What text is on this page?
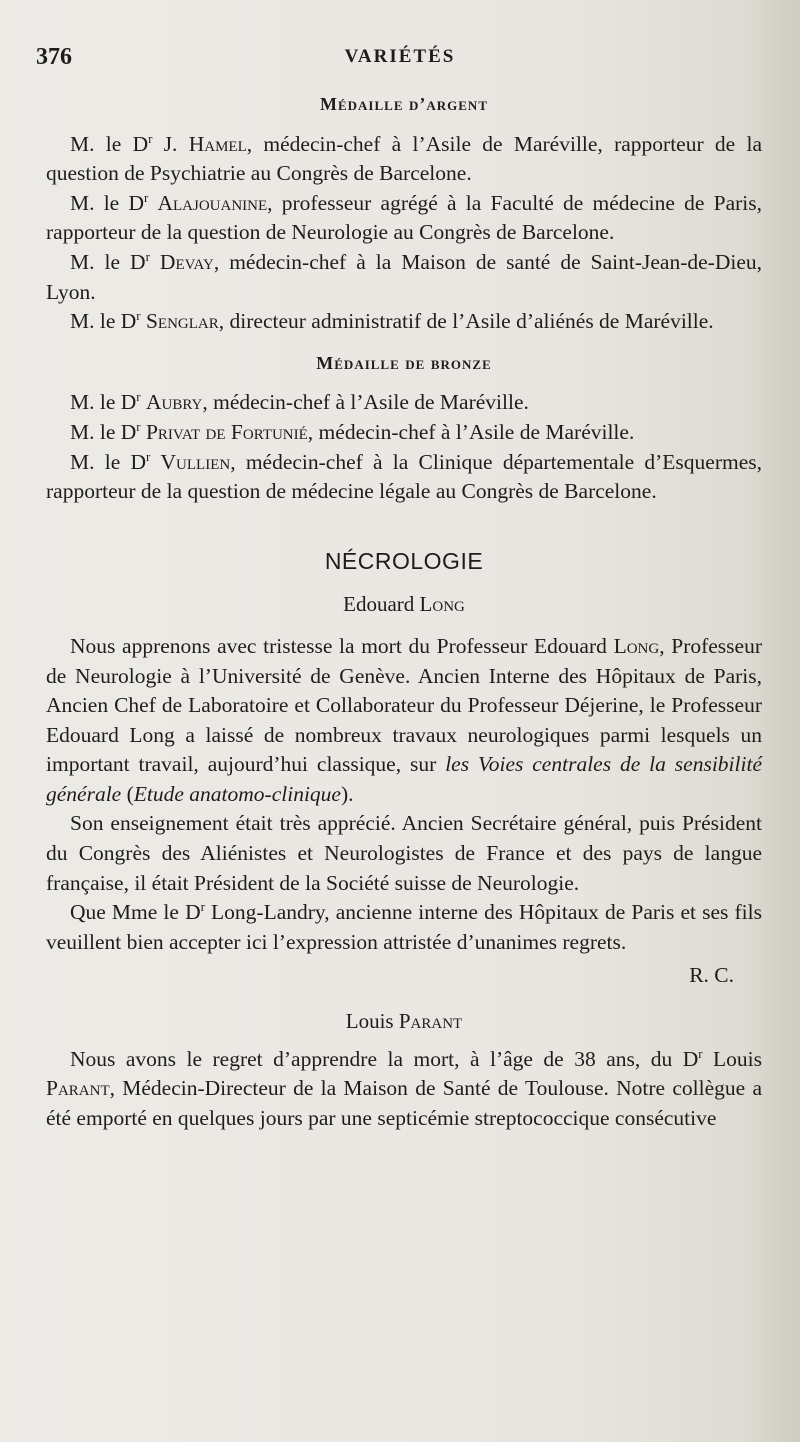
376	VARIÉTÉS
Médaille d’argent

M. le $D^r$ J. Hamel, médecin-chef à l’Asile de Maréville, rapporteur de la question de Psychiatrie au Congrès de Barcelone.

M. le $D^r$ Alajouanine, professeur agrégé à la Faculté de médecine de Paris, rapporteur de la question de Neurologie au Congrès de Barcelone.

M. le $D^r$ Devay, médecin-chef à la Maison de santé de Saint-Jean-de-Dieu, Lyon.

M. le $D^r$ Senglar, directeur administratif de l’Asile d’aliénés de Maréville.

Médaille de bronze

M. le $D^r$ Aubry, médecin-chef à l’Asile de Maréville.

M. le $D^r$ Privat de Fortunié, médecin-chef à l’Asile de Maréville.

M. le $D^r$ Vullien, médecin-chef à la Clinique départementale d’Esquermes, rapporteur de la question de médecine légale au Congrès de Barcelone.

NÉCROLOGIE
Edouard Long

Nous apprenons avec tristesse la mort du Professeur Edouard Long, Professeur de Neurologie à l’Université de Genève. Ancien Interne des Hôpitaux de Paris, Ancien Chef de Laboratoire et Collaborateur du Professeur Déjerine, le Professeur Edouard Long a laissé de nombreux travaux neurologiques parmi lesquels un important travail, aujourd’hui classique, sur les Voies centrales de la sensibilité générale (Etude anatomo-clinique).

Son enseignement était très apprécié. Ancien Secrétaire général, puis Président du Congrès des Aliénistes et Neurologistes de France et des pays de langue française, il était Président de la Société suisse de Neurologie.

Que Mme le $D^r$ Long-Landry, ancienne interne des Hôpitaux de Paris et ses fils veuillent bien accepter ici l’expression attristée d’unanimes regrets.

R. C.
Louis Parant

Nous avons le regret d’apprendre la mort, à l’âge de 38 ans, du $D^r$ Louis Parant, Médecin-Directeur de la Maison de Santé de Toulouse. Notre collègue a été emporté en quelques jours par une septicémie streptococcique consécutive
